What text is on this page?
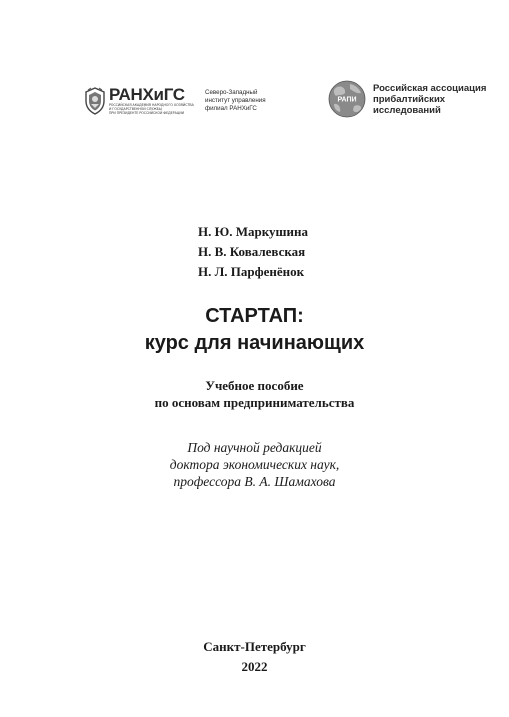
РАНХиГС
РОССИЙСКАЯ АКАДЕМИЯ НАРОДНОГО ХОЗЯЙСТВА
И ГОСУДАРСТВЕННОЙ СЛУЖБЫ
ПРИ ПРЕЗИДЕНТЕ РОССИЙСКОЙ ФЕДЕРАЦИИ
Северо-Западный
институт управления
филиал РАНХиГС
РАПИ
Российская ассоциация
прибалтийских
исследований
Н. Ю. Маркушина
Н. В. Ковалевская
Н. Л. Парфенёнок
СТАРТАП:
курс для начинающих
Учебное пособие
по основам предпринимательства
Под научной редакцией
доктора экономических наук,
профессора В. А. Шамахова
Санкт-Петербург
2022
